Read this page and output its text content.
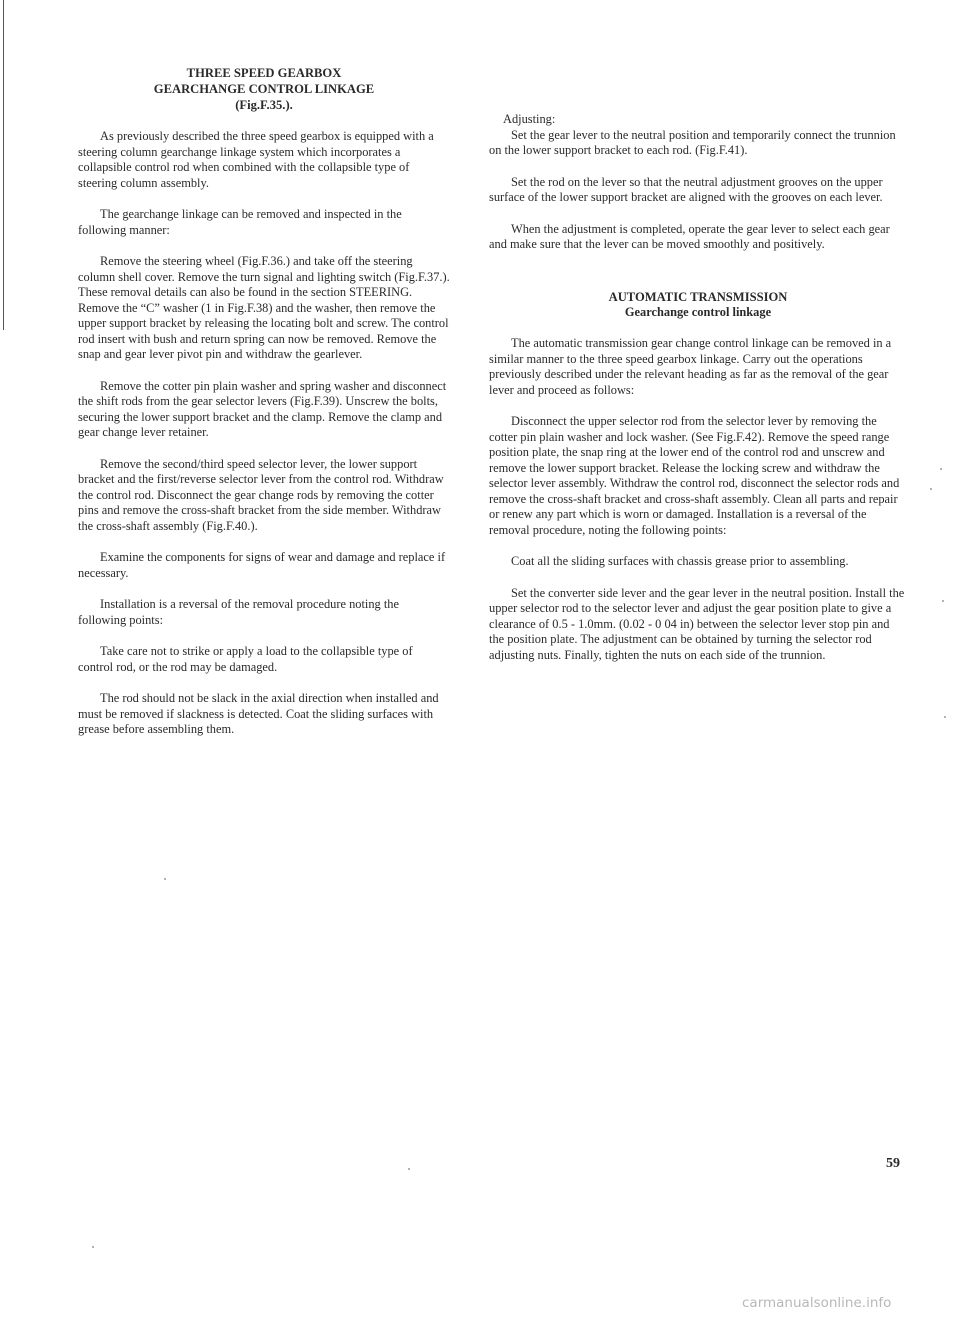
THREE SPEED GEARBOX
GEARCHANGE CONTROL LINKAGE
(Fig.F.35.).

As previously described the three speed gearbox is equipped with a steering column gearchange linkage system which incorporates a collapsible control rod when combined with the collapsible type of steering column assembly.

The gearchange linkage can be removed and inspected in the following manner:

Remove the steering wheel (Fig.F.36.) and take off the steering column shell cover. Remove the turn signal and lighting switch (Fig.F.37.). These removal details can also be found in the section STEERING. Remove the “C” washer (1 in Fig.F.38) and the washer, then remove the upper support bracket by releasing the locating bolt and screw. The control rod insert with bush and return spring can now be removed. Remove the snap and gear lever pivot pin and withdraw the gearlever.

Remove the cotter pin plain washer and spring washer and disconnect the shift rods from the gear selector levers (Fig.F.39). Unscrew the bolts, securing the lower support bracket and the clamp. Remove the clamp and gear change lever retainer.

Remove the second/third speed selector lever, the lower support bracket and the first/reverse selector lever from the control rod. Withdraw the control rod. Disconnect the gear change rods by removing the cotter pins and remove the cross-shaft bracket from the side member. Withdraw the cross-shaft assembly (Fig.F.40.).

Examine the components for signs of wear and damage and replace if necessary.

Installation is a reversal of the removal procedure noting the following points:

Take care not to strike or apply a load to the collapsible type of control rod, or the rod may be damaged.

The rod should not be slack in the axial direction when installed and must be removed if slackness is detected. Coat the sliding surfaces with grease before assembling them.

Adjusting:

Set the gear lever to the neutral position and temporarily connect the trunnion on the lower support bracket to each rod. (Fig.F.41).

Set the rod on the lever so that the neutral adjustment grooves on the upper surface of the lower support bracket are aligned with the grooves on each lever.

When the adjustment is completed, operate the gear lever to select each gear and make sure that the lever can be moved smoothly and positively.

AUTOMATIC TRANSMISSION
Gearchange control linkage

The automatic transmission gear change control linkage can be removed in a similar manner to the three speed gearbox linkage. Carry out the operations previously described under the relevant heading as far as the removal of the gear lever and proceed as follows:

Disconnect the upper selector rod from the selector lever by removing the cotter pin plain washer and lock washer. (See Fig.F.42). Remove the speed range position plate, the snap ring at the lower end of the control rod and unscrew and remove the lower support bracket. Release the locking screw and withdraw the selector lever assembly. Withdraw the control rod, disconnect the selector rods and remove the cross-shaft bracket and cross-shaft assembly. Clean all parts and repair or renew any part which is worn or damaged. Installation is a reversal of the removal procedure, noting the following points:

Coat all the sliding surfaces with chassis grease prior to assembling.

Set the converter side lever and the gear lever in the neutral position. Install the upper selector rod to the selector lever and adjust the gear position plate to give a clearance of 0.5 - 1.0mm. (0.02 - 0 04 in) between the selector lever stop pin and the position plate. The adjustment can be obtained by turning the selector rod adjusting nuts. Finally, tighten the nuts on each side of the trunnion.

59
carmanualsonline.info
